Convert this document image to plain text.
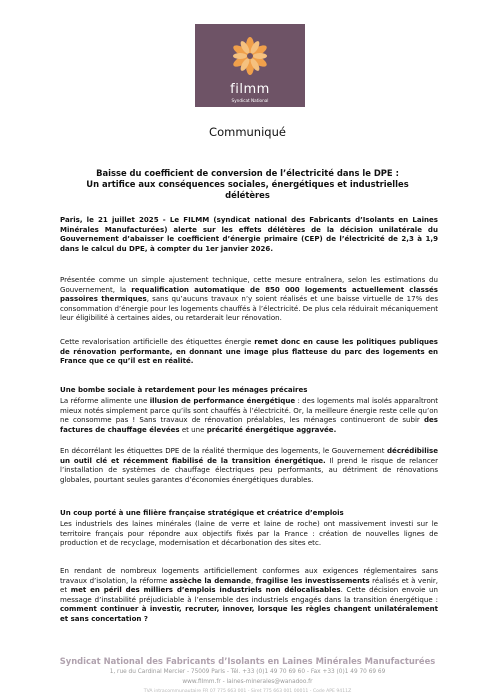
filmm
Syndicat National
Communiqué
Baisse du coefficient de conversion de l’électricité dans le DPE :
Un artifice aux conséquences sociales, énergétiques et industrielles délétères

Paris, le 21 juillet 2025 - Le FILMM (syndicat national des Fabricants d’Isolants en Laines Minérales Manufacturées) alerte sur les effets délétères de la décision unilatérale du Gouvernement d’abaisser le coefficient d’énergie primaire (CEP) de l’électricité de 2,3 à 1,9 dans le calcul du DPE, à compter du 1er janvier 2026.

Présentée comme un simple ajustement technique, cette mesure entraînera, selon les estimations du Gouvernement, la requalification automatique de 850 000 logements actuellement classés passoires thermiques, sans qu’aucuns travaux n’y soient réalisés et une baisse virtuelle de 17% des consommation d’énergie pour les logements chauffés à l’électricité. De plus cela réduirait mécaniquement leur éligibilité à certaines aides, ou retarderait leur rénovation.

Cette revalorisation artificielle des étiquettes énergie remet donc en cause les politiques publiques de rénovation performante, en donnant une image plus flatteuse du parc des logements en France que ce qu’il est en réalité.

Une bombe sociale à retardement pour les ménages précaires

La réforme alimente une illusion de performance énergétique : des logements mal isolés apparaîtront mieux notés simplement parce qu’ils sont chauffés à l’électricité. Or, la meilleure énergie reste celle qu’on ne consomme pas ! Sans travaux de rénovation préalables, les ménages continueront de subir des factures de chauffage élevées et une précarité énergétique aggravée.

En décorrélant les étiquettes DPE de la réalité thermique des logements, le Gouvernement décrédibilise un outil clé et récemment fiabilisé de la transition énergétique. Il prend le risque de relancer l’installation de systèmes de chauffage électriques peu performants, au détriment de rénovations globales, pourtant seules garantes d’économies énergétiques durables.

Un coup porté à une filière française stratégique et créatrice d’emplois

Les industriels des laines minérales (laine de verre et laine de roche) ont massivement investi sur le territoire français pour répondre aux objectifs fixés par la France : création de nouvelles lignes de production et de recyclage, modernisation et décarbonation des sites etc.

En rendant de nombreux logements artificiellement conformes aux exigences réglementaires sans travaux d’isolation, la réforme assèche la demande, fragilise les investissements réalisés et à venir, et met en péril des milliers d’emplois industriels non délocalisables. Cette décision envoie un message d’instabilité préjudiciable à l’ensemble des industriels engagés dans la transition énergétique : comment continuer à investir, recruter, innover, lorsque les règles changent unilatéralement et sans concertation ?

Syndicat National des Fabricants d’Isolants en Laines Minérales Manufacturées
1, rue du Cardinal Mercier - 75009 Paris - Tél. +33 (0)1 49 70 69 60 - Fax +33 (0)1 49 70 69 69
www.filmm.fr - laines-minerales@wanadoo.fr
TVA intracommunautaire FR 07 775 663 001 - Siret 775 663 001 00011 - Code APE 9411Z
